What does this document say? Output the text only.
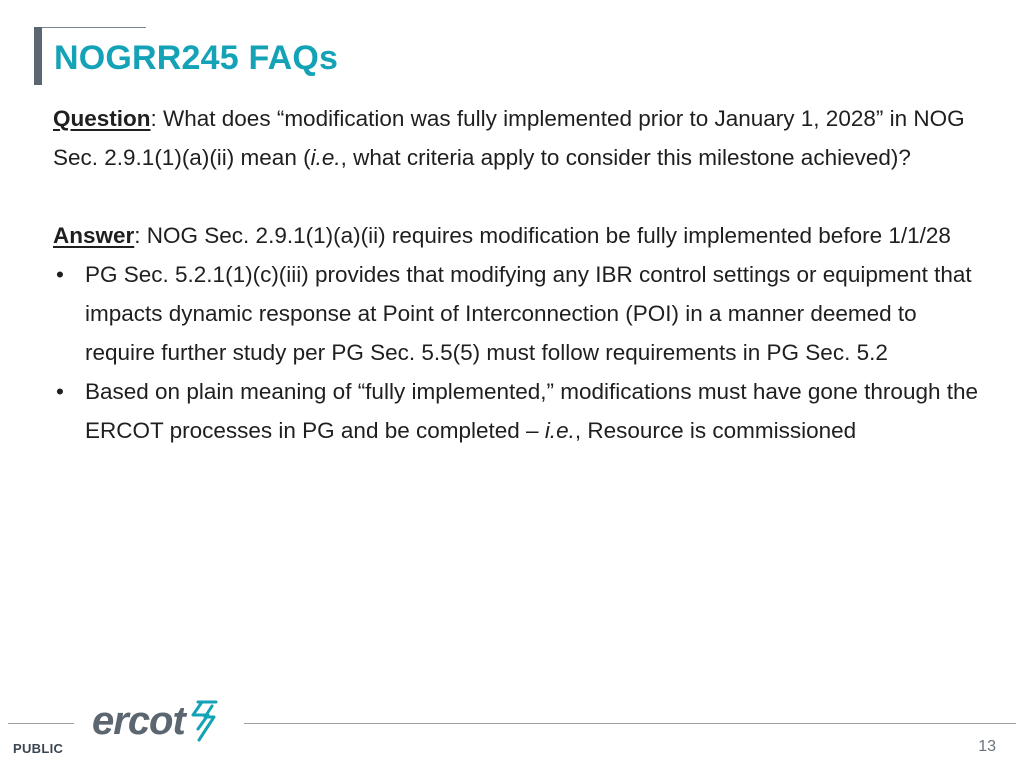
NOGRR245 FAQs

Question: What does “modification was fully implemented prior to January 1, 2028” in NOG Sec. 2.9.1(1)(a)(ii) mean (i.e., what criteria apply to consider this milestone achieved)?

Answer: NOG Sec. 2.9.1(1)(a)(ii) requires modification be fully implemented before 1/1/28

• PG Sec. 5.2.1(1)(c)(iii) provides that modifying any IBR control settings or equipment that impacts dynamic response at Point of Interconnection (POI) in a manner deemed to require further study per PG Sec. 5.5(5) must follow requirements in PG Sec. 5.2
• Based on plain meaning of “fully implemented,” modifications must have gone through the ERCOT processes in PG and be completed – i.e., Resource is commissioned
ercot
PUBLIC	13
